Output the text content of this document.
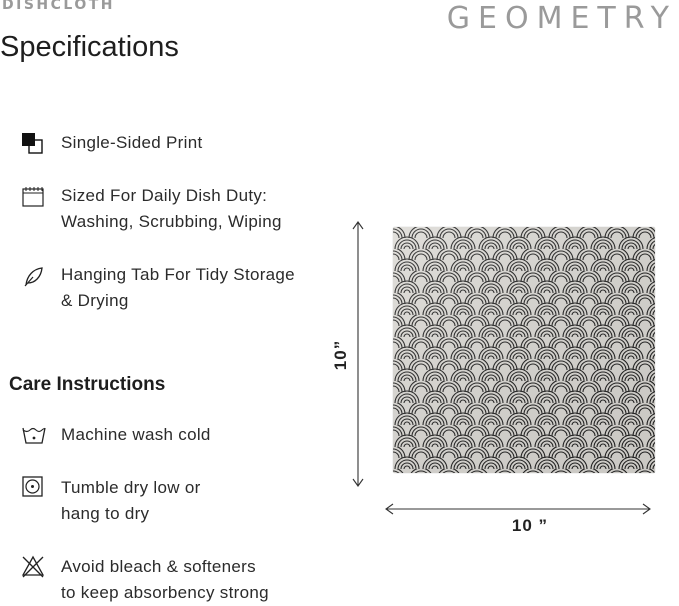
DISHCLOTH	GEOMETRY
Specifications
Single-Sided Print
Sized For Daily Dish Duty:
Washing, Scrubbing, Wiping
Hanging Tab For Tidy Storage
& Drying
Care Instructions
Machine wash cold
Tumble dry low or
hang to dry
Avoid bleach & softeners
to keep absorbency strong
10”
10 ”
